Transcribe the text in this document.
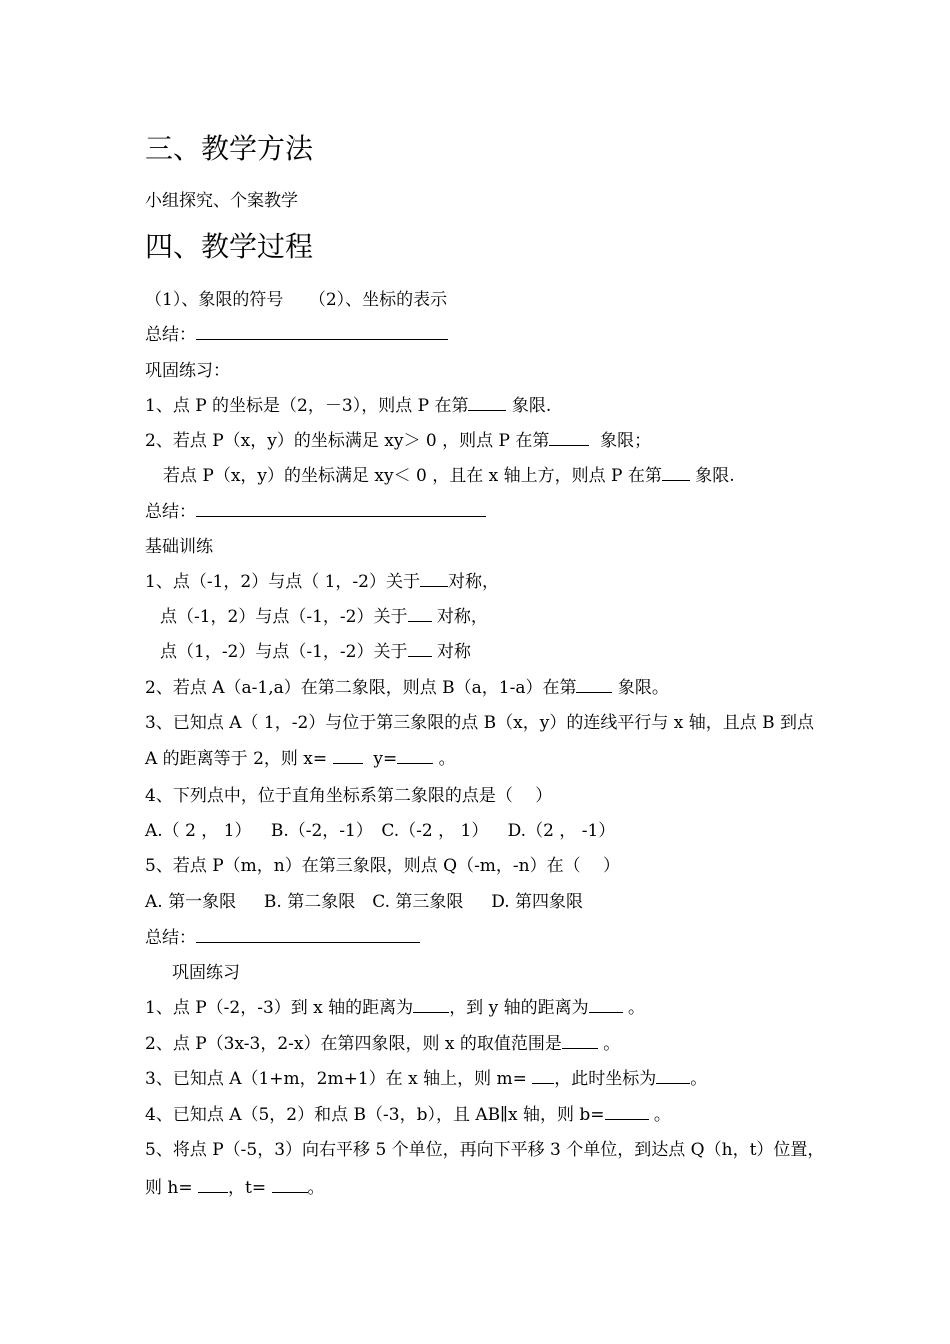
三、教学方法
小组探究、个案教学
四、教学过程
（1）、象限的符号　　（2）、坐标的表示
总结：
巩固练习：
1、点 P 的坐标是（2，－3），则点 P 在第 象限.
2、若点 P（x，y）的坐标满足 xy＞ 0 ，则点 P 在第  象限；
若点 P（x，y）的坐标满足 xy＜ 0 ，且在 x 轴上方，则点 P 在第 象限.
总结：
基础训练
1、点（-1，2）与点（ 1，-2）关于 对称，
点（-1，2）与点（-1，-2）关于 对称，
点（1，-2）与点（-1，-2）关于 对称
2、若点 A（a-1,a）在第二象限，则点 B（a，1-a）在第 象限。
3、已知点 A（ 1，-2）与位于第三象限的点 B（x，y）的连线平行与 x 轴，且点 B 到点
A 的距离等于 2，则 x=   y= 。
4、下列点中，位于直角坐标系第二象限的点是（　 ）
A.（ 2 ， 1）　  B.（-2，-1）　C.（-2 ， 1）　  D.（2 ， -1）
5、若点 P（m，n）在第三象限，则点 Q（-m，-n）在（　 ）
A. 第一象限　  B. 第二象限　C. 第三象限　  D. 第四象限
总结：
巩固练习
1、点 P（-2，-3）到 x 轴的距离为 ，到 y 轴的距离为 。
2、点 P（3x-3，2-x）在第四象限，则 x 的取值范围是 。
3、已知点 A（1+m，2m+1）在 x 轴上，则 m= ，此时坐标为 。
4、已知点 A（5，2）和点 B（-3，b），且 AB∥x 轴，则 b=	。
5、将点 P（-5，3）向右平移 5 个单位，再向下平移 3 个单位，到达点 Q（h，t）位置，
则 h= ，t= 。
